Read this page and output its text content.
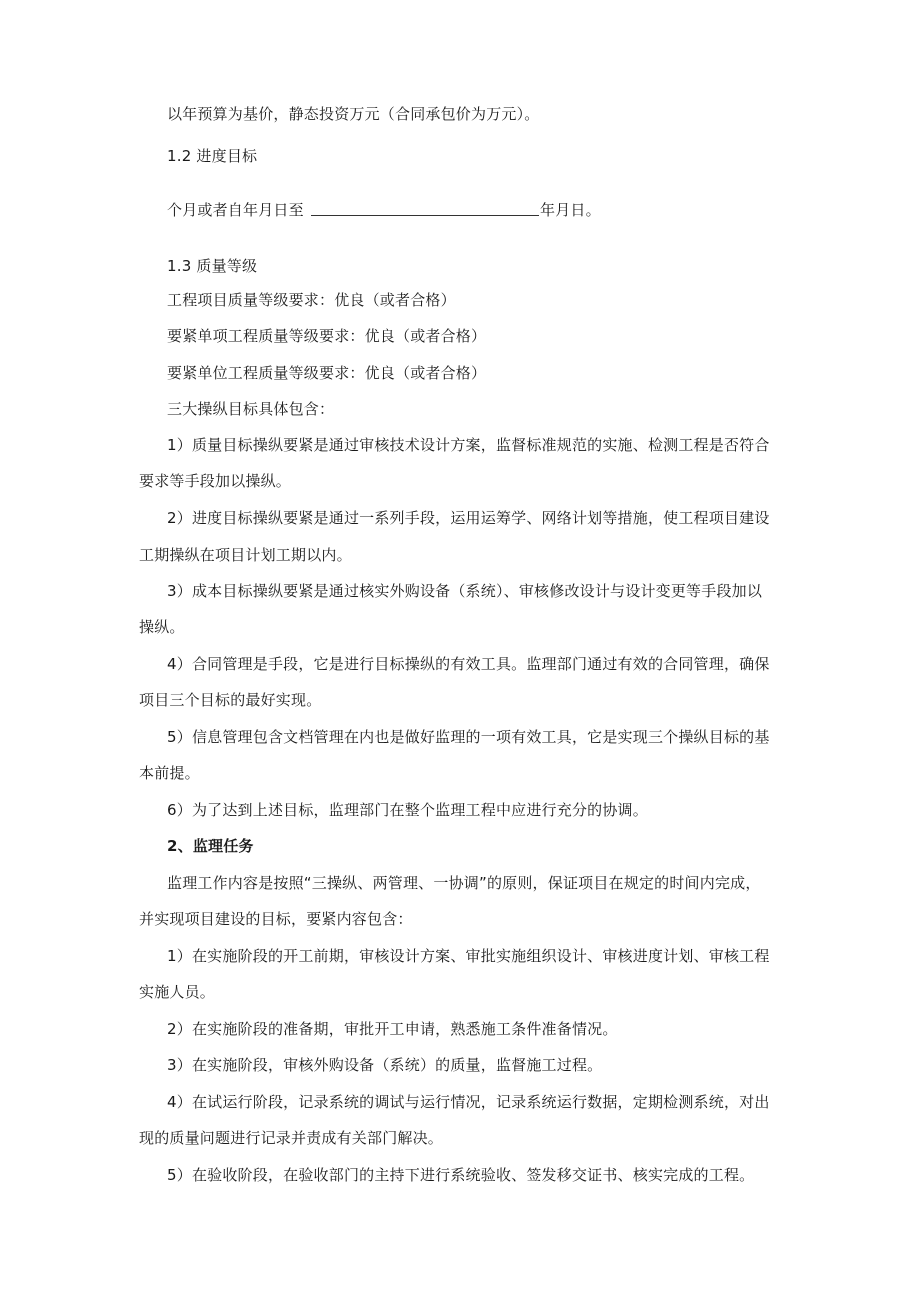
以年预算为基价，静态投资万元（合同承包价为万元）。
1.2 进度目标
个月或者自年月日至	年月日。
1.3 质量等级
工程项目质量等级要求：优良（或者合格）
要紧单项工程质量等级要求：优良（或者合格）
要紧单位工程质量等级要求：优良（或者合格）
三大操纵目标具体包含：
1）质量目标操纵要紧是通过审核技术设计方案，监督标准规范的实施、检测工程是否符合
要求等手段加以操纵。
2）进度目标操纵要紧是通过一系列手段，运用运筹学、网络计划等措施，使工程项目建设
工期操纵在项目计划工期以内。
3）成本目标操纵要紧是通过核实外购设备（系统）、审核修改设计与设计变更等手段加以
操纵。
4）合同管理是手段，它是进行目标操纵的有效工具。监理部门通过有效的合同管理，确保
项目三个目标的最好实现。
5）信息管理包含文档管理在内也是做好监理的一项有效工具，它是实现三个操纵目标的基
本前提。
6）为了达到上述目标，监理部门在整个监理工程中应进行充分的协调。
2、监理任务
监理工作内容是按照“三操纵、两管理、一协调”的原则，保证项目在规定的时间内完成，
并实现项目建设的目标，要紧内容包含：
1）在实施阶段的开工前期，审核设计方案、审批实施组织设计、审核进度计划、审核工程
实施人员。
2）在实施阶段的准备期，审批开工申请，熟悉施工条件准备情况。
3）在实施阶段，审核外购设备（系统）的质量，监督施工过程。
4）在试运行阶段，记录系统的调试与运行情况，记录系统运行数据，定期检测系统，对出
现的质量问题进行记录并责成有关部门解决。
5）在验收阶段，在验收部门的主持下进行系统验收、签发移交证书、核实完成的工程。
